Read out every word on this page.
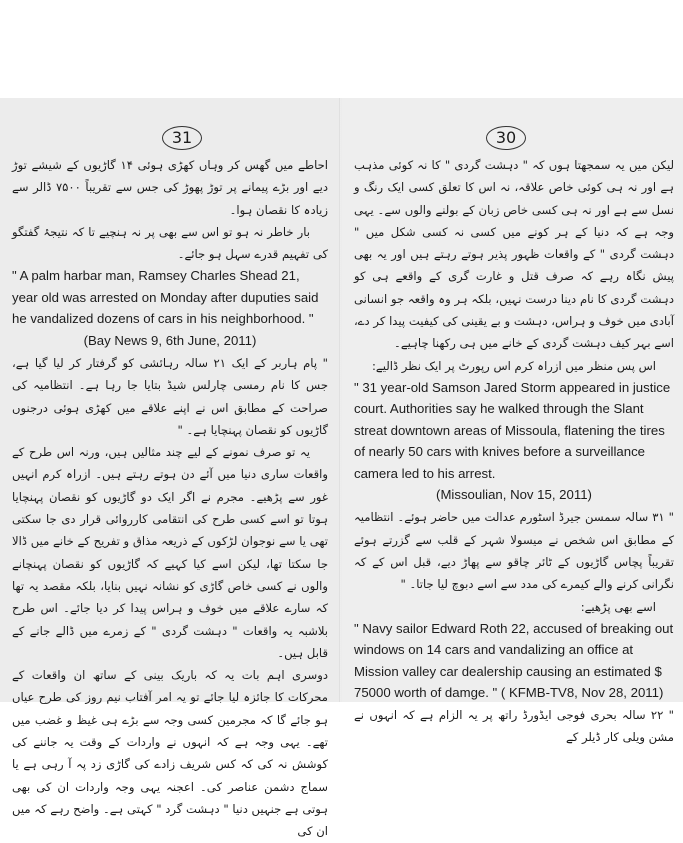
31

احاطے میں گھس کر وہاں کھڑی ہوئی ۱۴ گاڑیوں کے شیشے توڑ دیے اور بڑے پیمانے پر توڑ پھوڑ کی جس سے تقریباً ۷۵۰۰ ڈالر سے زیادہ کا نقصان ہوا۔

بار خاطر نہ ہو تو اس سے بھی پر نہ ہنچیے تا کہ نتیجۂ گفتگو کی تفہیم قدرے سہل ہو جائے۔

" A palm harbar man, Ramsey Charles Shead 21, year old was arrested on Monday after duputies said he vandalized dozens of cars in his neighborhood. "

(Bay News 9, 6th June, 2011)

" پام ہاربر کے ایک ۲۱ سالہ رہائشی کو گرفتار کر لیا گیا ہے، جس کا نام رمسی چارلس شیڈ بتایا جا رہا ہے۔ انتظامیہ کی صراحت کے مطابق اس نے اپنے علاقے میں کھڑی ہوئی درجنوں گاڑیوں کو نقصان پہنچایا ہے۔ "

یہ تو صرف نمونے کے لیے چند مثالیں ہیں، ورنہ اس طرح کے واقعات ساری دنیا میں آئے دن ہوتے رہتے ہیں۔ ازراہ کرم انہیں غور سے پڑھیے۔ مجرم نے اگر ایک دو گاڑیوں کو نقصان پہنچایا ہوتا تو اسے کسی طرح کی انتقامی کارروائی قرار دی جا سکتی تھی یا سے نوجوان لڑکوں کے ذریعہ مذاق و تفریح کے خانے میں ڈالا جا سکتا تھا، لیکن اسے کیا کہیے کہ گاڑیوں کو نقصان پہنچانے والوں نے کسی خاص گاڑی کو نشانہ نہیں بنایا، بلکہ مقصد یہ تھا کہ سارے علاقے میں خوف و ہراس پیدا کر دیا جائے۔ اس طرح بلاشبہ یہ واقعات " دہشت گردی " کے زمرے میں ڈالے جانے کے قابل ہیں۔

دوسری اہم بات یہ کہ باریک بینی کے ساتھ ان واقعات کے محرکات کا جائزہ لیا جائے تو یہ امر آفتاب نیم روز کی طرح عیاں ہو جائے گا کہ مجرمین کسی وجہ سے بڑے ہی غیظ و غضب میں تھے۔ یہی وجہ ہے کہ انہوں نے واردات کے وقت یہ جاننے کی کوشش نہ کی کہ کس شریف زادے کی گاڑی زد پہ آ رہی ہے یا سماج دشمن عناصر کی۔ اعجنہ یہی وجہ واردات ان کی بھی ہوتی ہے جنہیں دنیا " دہشت گرد " کہتی ہے۔ واضح رہے کہ میں ان کی

30

لیکن میں یہ سمجھتا ہوں کہ " دہشت گردی " کا نہ کوئی مذہب ہے اور نہ ہی کوئی خاص علاقہ، نہ اس کا تعلق کسی ایک رنگ و نسل سے ہے اور نہ ہی کسی خاص زبان کے بولنے والوں سے۔ یہی وجہ ہے کہ دنیا کے ہر کونے میں کسی نہ کسی شکل میں " دہشت گردی " کے واقعات ظہور پذیر ہوتے رہتے ہیں اور یہ بھی پیش نگاہ رہے کہ صرف قتل و غارت گری کے واقعے ہی کو دہشت گردی کا نام دینا درست نہیں، بلکہ ہر وہ واقعہ جو انسانی آبادی میں خوف و ہراس، دہشت و بے یقینی کی کیفیت پیدا کر دے، اسے بہر کیف دہشت گردی کے خانے میں ہی رکھنا چاہیے۔

اس پس منظر میں ازراہ کرم اس رپورٹ پر ایک نظر ڈالیے:

" 31 year-old Samson Jared Storm appeared in justice court. Authorities say he walked through the Slant streat downtown areas of Missoula, flatening the tires of nearly 50 cars with knives before a surveillance camera led to his arrest.

(Missoulian, Nov 15, 2011)

" ۳۱ سالہ سمسن جیرڈ اسٹورم عدالت میں حاضر ہوئے۔ انتظامیہ کے مطابق اس شخص نے میسولا شہر کے قلب سے گزرتے ہوئے تقریباً پچاس گاڑیوں کے ٹائر چاقو سے پھاڑ دیے، قبل اس کے کہ نگرانی کرنے والے کیمرے کی مدد سے اسے دبوچ لیا جاتا۔ "

اسے بھی پڑھیے:

" Navy sailor Edward Roth 22, accused of breaking out windows on 14 cars and vandalizing an office at Mission valley car dealership causing an estimated $ 75000 worth of damge. " ( KFMB-TV8, Nov 28, 2011)

" ۲۲ سالہ بحری فوجی ایڈورڈ راتھ پر یہ الزام ہے کہ انہوں نے مشن ویلی کار ڈیلر کے
